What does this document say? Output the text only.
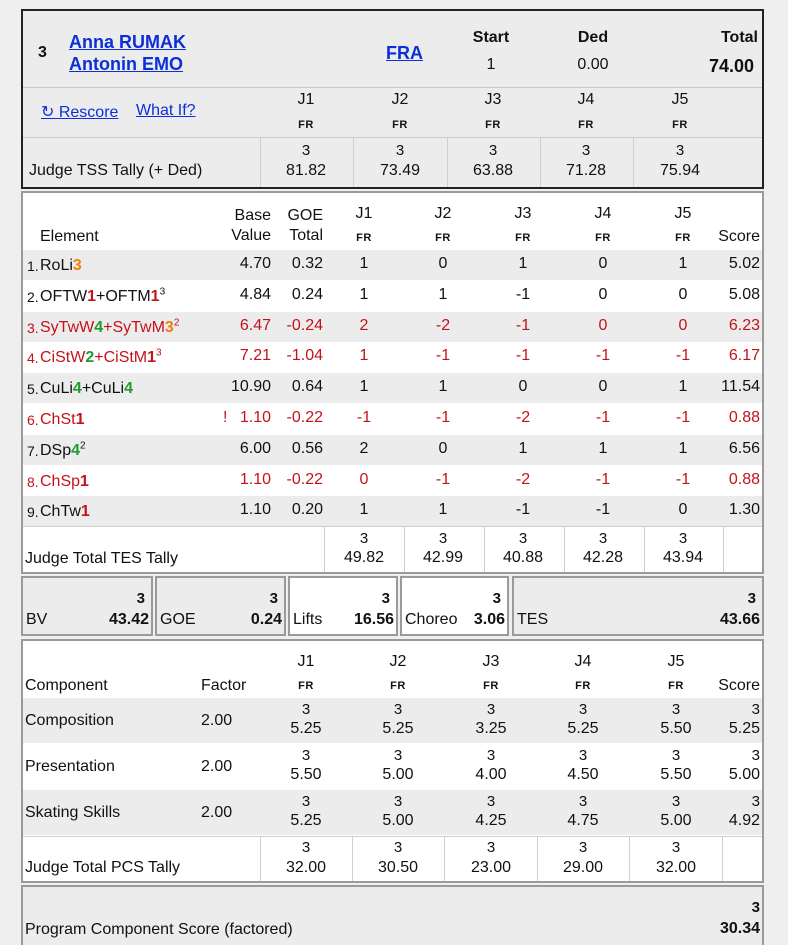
3
Anna RUMAK
Antonin EMO
FRA
Start
1
Ded
0.00
Total
74.00
↻ Rescore What If?
J1
FR
J2
FR
J3
FR
J4
FR
J5
FR
3
81.82
3
73.49
3
63.88
3
71.28
3
75.94
Judge TSS Tally (+ Ded)
Base
Value
GOE
Total
Element	Score
J1
FR
J2
FR
J3
FR
J4
FR
J5
FR
1. RoLi3	4.70	0.32	1	0	1	0	1	5.02
2. $OFTW1+OFTM1^3$	4.84	0.24	1	1	-1	0	0	5.08
3. $SyTwW4+SyTwM3^2$	6.47 -0.24	2	-2	-1	0	0	6.23
4. $CiStW2+CiStM1^3$	7.21 -1.04	1	-1	-1	-1	-1	6.17
5. CuLi4+CuLi4	10.90	0.64	1	1	0	0	1	11.54
6. ChSt1	! 1.10 -0.22	-1	-1	-2	-1	-1	0.88
7. $DSp4^2$	6.00	0.56	2	0	1	1	1	6.56
8. ChSp1	1.10 -0.22	0	-1	-2	-1	-1	0.88
9. ChTw1	1.10	0.20	1	1	-1	-1	0	1.30
3
49.82
3
42.99
3
40.88
3
42.28
3
43.94
Judge Total TES Tally
3
BV	43.42
3
GOE	0.24
3
Lifts	16.56
3
Choreo	3.06
3
TES	43.66
Component	Factor	Score
J1
FR
J2
FR
J3
FR
J4
FR
J5
FR
Composition	2.00
3
5.25
3
5.25
3
3.25
3
5.25
3
5.50
3
5.25
Presentation	2.00
3
5.50
3
5.00
3
4.00
3
4.50
3
5.50
3
5.00
Skating Skills	2.00
3
5.25
3
5.00
3
4.25
3
4.75
3
5.00
3
4.92
3
32.00
3
30.50
3
23.00
3
29.00
3
32.00
Judge Total PCS Tally
3
Program Component Score (factored)	30.34
